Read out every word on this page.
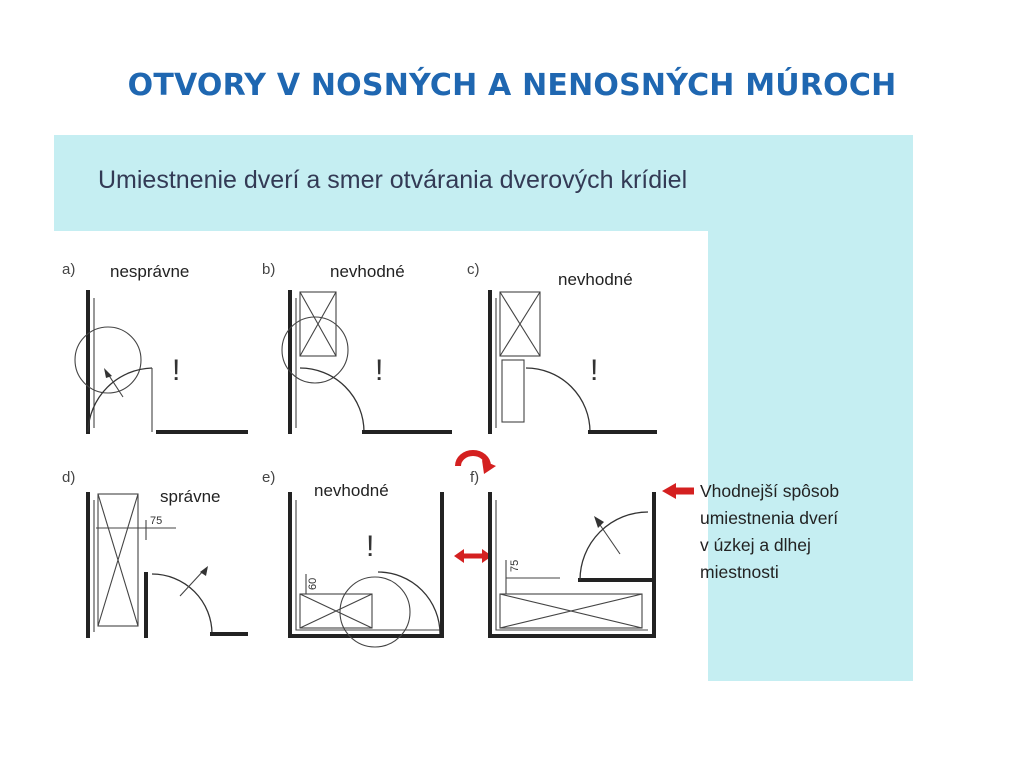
OTVORY V NOSNÝCH A NENOSNÝCH MÚROCH
Umiestnenie dverí a smer otvárania dverových krídiel
a) nesprávne
!
b)	nevhodné
!
c)
nevhodné
!
d)
správne
75
e)
nevhodné
60
!
f)
75
Vhodnejší spôsob
umiestnenia dverí
v úzkej a dlhej
miestnosti
